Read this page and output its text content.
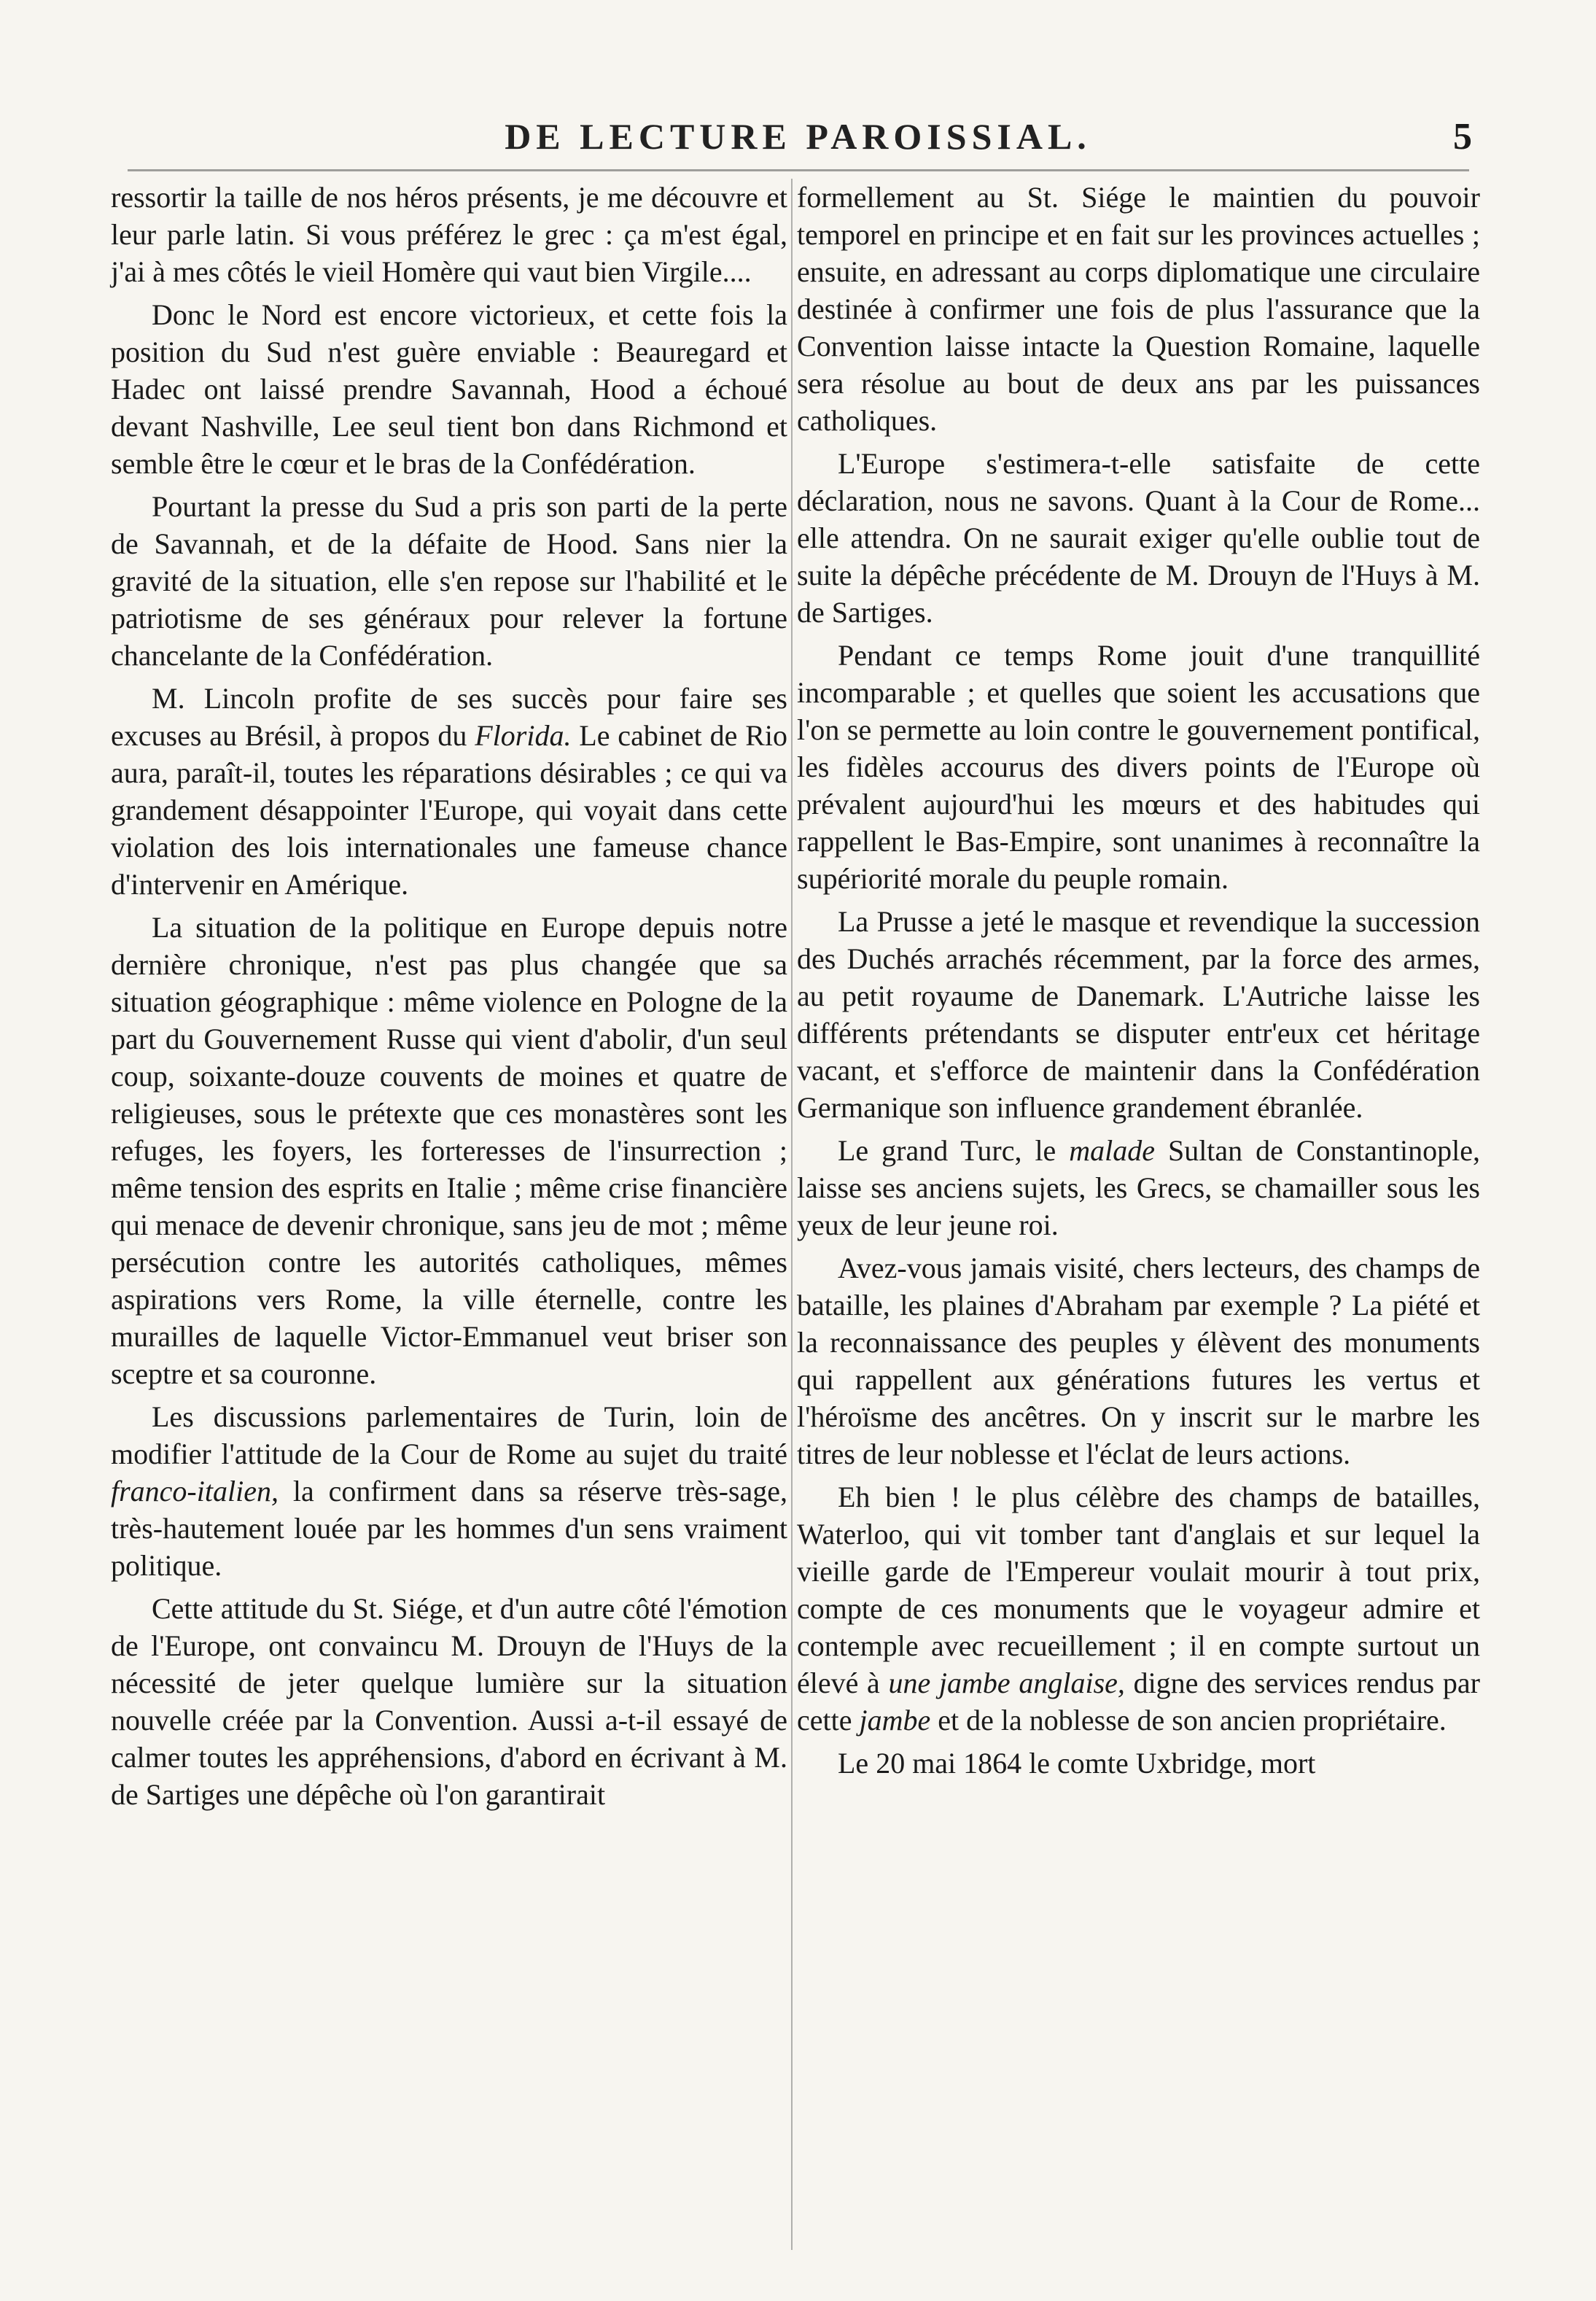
DE LECTURE PAROISSIAL.	5

ressortir la taille de nos héros présents, je me découvre et leur parle latin. Si vous préférez le grec : ça m'est égal, j'ai à mes côtés le vieil Homère qui vaut bien Virgile....

Donc le Nord est encore victorieux, et cette fois la position du Sud n'est guère enviable : Beauregard et Hadec ont laissé prendre Savannah, Hood a échoué devant Nashville, Lee seul tient bon dans Richmond et semble être le cœur et le bras de la Confédération.

Pourtant la presse du Sud a pris son parti de la perte de Savannah, et de la défaite de Hood. Sans nier la gravité de la situation, elle s'en repose sur l'habilité et le patriotisme de ses généraux pour relever la fortune chancelante de la Confédération.

M. Lincoln profite de ses succès pour faire ses excuses au Brésil, à propos du Florida. Le cabinet de Rio aura, paraît-il, toutes les réparations désirables ; ce qui va grandement désappointer l'Europe, qui voyait dans cette violation des lois internationales une fameuse chance d'intervenir en Amérique.

La situation de la politique en Europe depuis notre dernière chronique, n'est pas plus changée que sa situation géographique : même violence en Pologne de la part du Gouvernement Russe qui vient d'abolir, d'un seul coup, soixante-douze couvents de moines et quatre de religieuses, sous le prétexte que ces monastères sont les refuges, les foyers, les forteresses de l'insurrection ; même tension des esprits en Italie ; même crise financière qui menace de devenir chronique, sans jeu de mot ; même persécution contre les autorités catholiques, mêmes aspirations vers Rome, la ville éternelle, contre les murailles de laquelle Victor-Emmanuel veut briser son sceptre et sa couronne.

Les discussions parlementaires de Turin, loin de modifier l'attitude de la Cour de Rome au sujet du traité franco-italien, la confirment dans sa réserve très-sage, très-hautement louée par les hommes d'un sens vraiment politique.

Cette attitude du St. Siége, et d'un autre côté l'émotion de l'Europe, ont convaincu M. Drouyn de l'Huys de la nécessité de jeter quelque lumière sur la situation nouvelle créée par la Convention. Aussi a-t-il essayé de calmer toutes les appréhensions, d'abord en écrivant à M. de Sartiges une dépêche où l'on garantirait

formellement au St. Siége le maintien du pouvoir temporel en principe et en fait sur les provinces actuelles ; ensuite, en adressant au corps diplomatique une circulaire destinée à confirmer une fois de plus l'assurance que la Convention laisse intacte la Question Romaine, laquelle sera résolue au bout de deux ans par les puissances catholiques.

L'Europe s'estimera-t-elle satisfaite de cette déclaration, nous ne savons. Quant à la Cour de Rome... elle attendra. On ne saurait exiger qu'elle oublie tout de suite la dépêche précédente de M. Drouyn de l'Huys à M. de Sartiges.

Pendant ce temps Rome jouit d'une tranquillité incomparable ; et quelles que soient les accusations que l'on se permette au loin contre le gouvernement pontifical, les fidèles accourus des divers points de l'Europe où prévalent aujourd'hui les mœurs et des habitudes qui rappellent le Bas-Empire, sont unanimes à reconnaître la supériorité morale du peuple romain.

La Prusse a jeté le masque et revendique la succession des Duchés arrachés récemment, par la force des armes, au petit royaume de Danemark. L'Autriche laisse les différents prétendants se disputer entr'eux cet héritage vacant, et s'efforce de maintenir dans la Confédération Germanique son influence grandement ébranlée.

Le grand Turc, le malade Sultan de Constantinople, laisse ses anciens sujets, les Grecs, se chamailler sous les yeux de leur jeune roi.

Avez-vous jamais visité, chers lecteurs, des champs de bataille, les plaines d'Abraham par exemple ? La piété et la reconnaissance des peuples y élèvent des monuments qui rappellent aux générations futures les vertus et l'héroïsme des ancêtres. On y inscrit sur le marbre les titres de leur noblesse et l'éclat de leurs actions.

Eh bien ! le plus célèbre des champs de batailles, Waterloo, qui vit tomber tant d'anglais et sur lequel la vieille garde de l'Empereur voulait mourir à tout prix, compte de ces monuments que le voyageur admire et contemple avec recueillement ; il en compte surtout un élevé à une jambe anglaise, digne des services rendus par cette jambe et de la noblesse de son ancien propriétaire.

Le 20 mai 1864 le comte Uxbridge, mort
